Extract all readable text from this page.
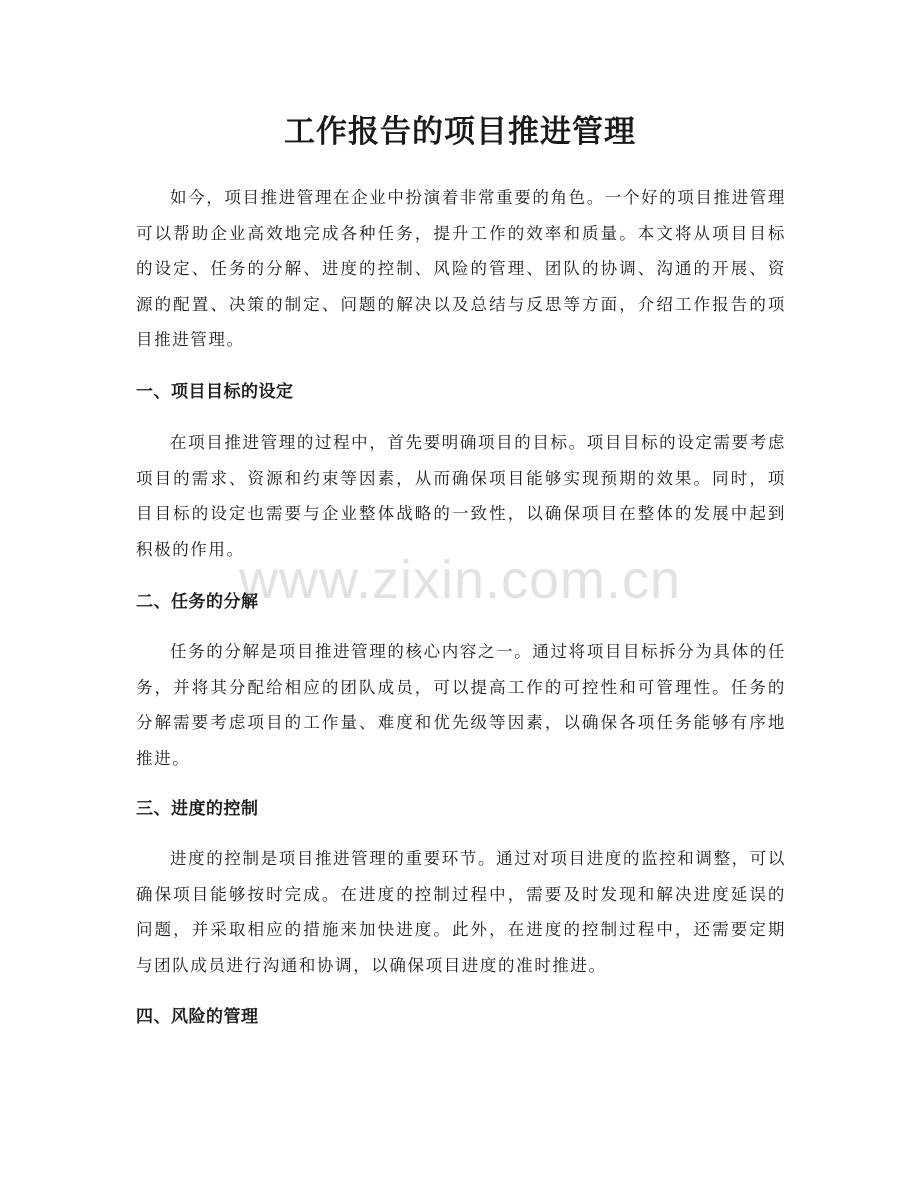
工作报告的项目推进管理

如今，项目推进管理在企业中扮演着非常重要的角色。一个好的项目推进管理可以帮助企业高效地完成各种任务，提升工作的效率和质量。本文将从项目目标的设定、任务的分解、进度的控制、风险的管理、团队的协调、沟通的开展、资源的配置、决策的制定、问题的解决以及总结与反思等方面，介绍工作报告的项目推进管理。

一、项目目标的设定

在项目推进管理的过程中，首先要明确项目的目标。项目目标的设定需要考虑项目的需求、资源和约束等因素，从而确保项目能够实现预期的效果。同时，项目目标的设定也需要与企业整体战略的一致性，以确保项目在整体的发展中起到积极的作用。

二、任务的分解

任务的分解是项目推进管理的核心内容之一。通过将项目目标拆分为具体的任务，并将其分配给相应的团队成员，可以提高工作的可控性和可管理性。任务的分解需要考虑项目的工作量、难度和优先级等因素，以确保各项任务能够有序地推进。

三、进度的控制

进度的控制是项目推进管理的重要环节。通过对项目进度的监控和调整，可以确保项目能够按时完成。在进度的控制过程中，需要及时发现和解决进度延误的问题，并采取相应的措施来加快进度。此外，在进度的控制过程中，还需要定期与团队成员进行沟通和协调，以确保项目进度的准时推进。

四、风险的管理
www.zixin.com.cn
